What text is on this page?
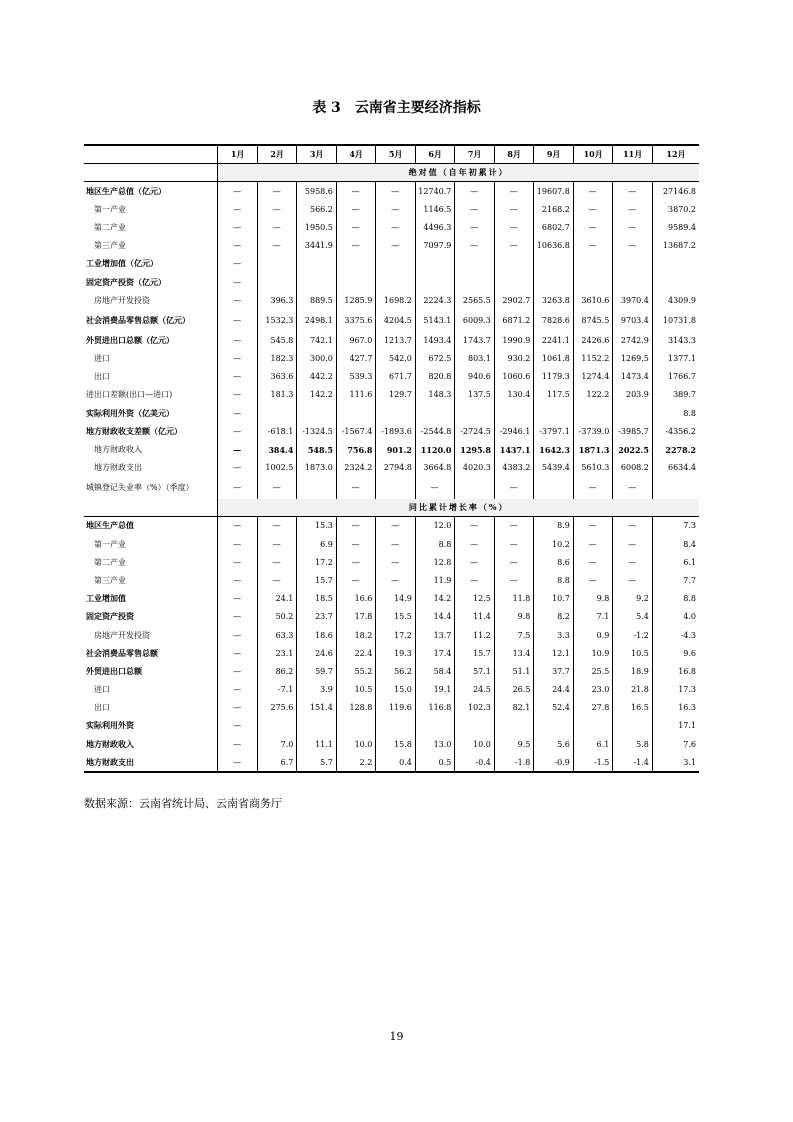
表 3 云南省主要经济指标
	1月	2月	3月	4月	5月	6月	7月	8月	9月	10月	11月	12月
	绝对值（自年初累计）											
地区生产总值（亿元）	—	—	5958.6	—	—	12740.7	—	—	19607.8	—	—	27146.8
第一产业	—	—	566.2	—	—	1146.5	—	—	2168.2	—	—	3870.2
第二产业	—	—	1950.5	—	—	4496.3	—	—	6802.7	—	—	9589.4
第三产业	—	—	3441.9	—	—	7097.9	—	—	10636.8	—	—	13687.2
工业增加值（亿元）	—											
固定资产投资（亿元）	—											
房地产开发投资	—	396.3	889.5	1285.9	1698.2	2224.3	2565.5	2902.7	3263.8	3610.6	3970.4	4309.9
社会消费品零售总额（亿元）	—	1532.3	2498.1	3375.6	4204.5	5143.1	6009.3	6871.2	7828.6	8745.5	9703.4	10731.8
外贸进出口总额（亿元）	—	545.8	742.1	967.0	1213.7	1493.4	1743.7	1990.9	2241.1	2426.6	2742.9	3143.3
进口	—	182.3	300.0	427.7	542.0	672.5	803.1	930.2	1061.8	1152.2	1269.5	1377.1
出口	—	363.6	442.2	539.3	671.7	820.8	940.6	1060.6	1179.3	1274.4	1473.4	1766.7
进出口差额(出口—进口)	—	181.3	142.2	111.6	129.7	148.3	137.5	130.4	117.5	122.2	203.9	389.7
实际利用外资（亿美元）	—											8.8
地方财政收支差额（亿元）	—	-618.1	-1324.5	-1567.4	-1893.6	-2544.8	-2724.5	-2946.1	-3797.1	-3739.0	-3985.7	-4356.2
地方财政收入	—	384.4	548.5	756.8	901.2	1120.0	1295.8	1437.1	1642.3	1871.3	2022.5	2278.2
地方财政支出	—	1002.5	1873.0	2324.2	2794.8	3664.8	4020.3	4383.2	5439.4	5610.3	6008.2	6634.4
城镇登记失业率（%）（季度）	—	—		—		—		—		—	—	
	同比累计增长率（%）											
地区生产总值	—	—	15.3	—	—	12.0	—	—	8.9	—	—	7.3
第一产业	—	—	6.9	—	—	8.8	—	—	10.2	—	—	8.4
第二产业	—	—	17.2	—	—	12.8	—	—	8.6	—	—	6.1
第三产业	—	—	15.7	—	—	11.9	—	—	8.8	—	—	7.7
工业增加值	—	24.1	18.5	16.6	14.9	14.2	12.5	11.8	10.7	9.8	9.2	8.8
固定资产投资	—	50.2	23.7	17.8	15.5	14.4	11.4	9.8	8.2	7.1	5.4	4.0
房地产开发投资	—	63.3	18.6	18.2	17.2	13.7	11.2	7.5	3.3	0.9	-1.2	-4.3
社会消费品零售总额	—	23.1	24.6	22.4	19.3	17.4	15.7	13.4	12.1	10.9	10.5	9.6
外贸进出口总额	—	86.2	59.7	55.2	56.2	58.4	57.1	51.1	37.7	25.5	18.9	16.8
进口	—	-7.1	3.9	10.5	15.0	19.1	24.5	26.5	24.4	23.0	21.8	17.3
出口	—	275.6	151.4	128.8	119.6	116.8	102.3	82.1	52.4	27.8	16.5	16.3
实际利用外资	—											17.1
地方财政收入	—	7.0	11.1	10.0	15.8	13.0	10.0	9.5	5.6	6.1	5.8	7.6
地方财政支出	—	6.7	5.7	2.2	0.4	0.5	-0.4	-1.8	-0.9	-1.5	-1.4	3.1
数据来源：云南省统计局、云南省商务厅
19
